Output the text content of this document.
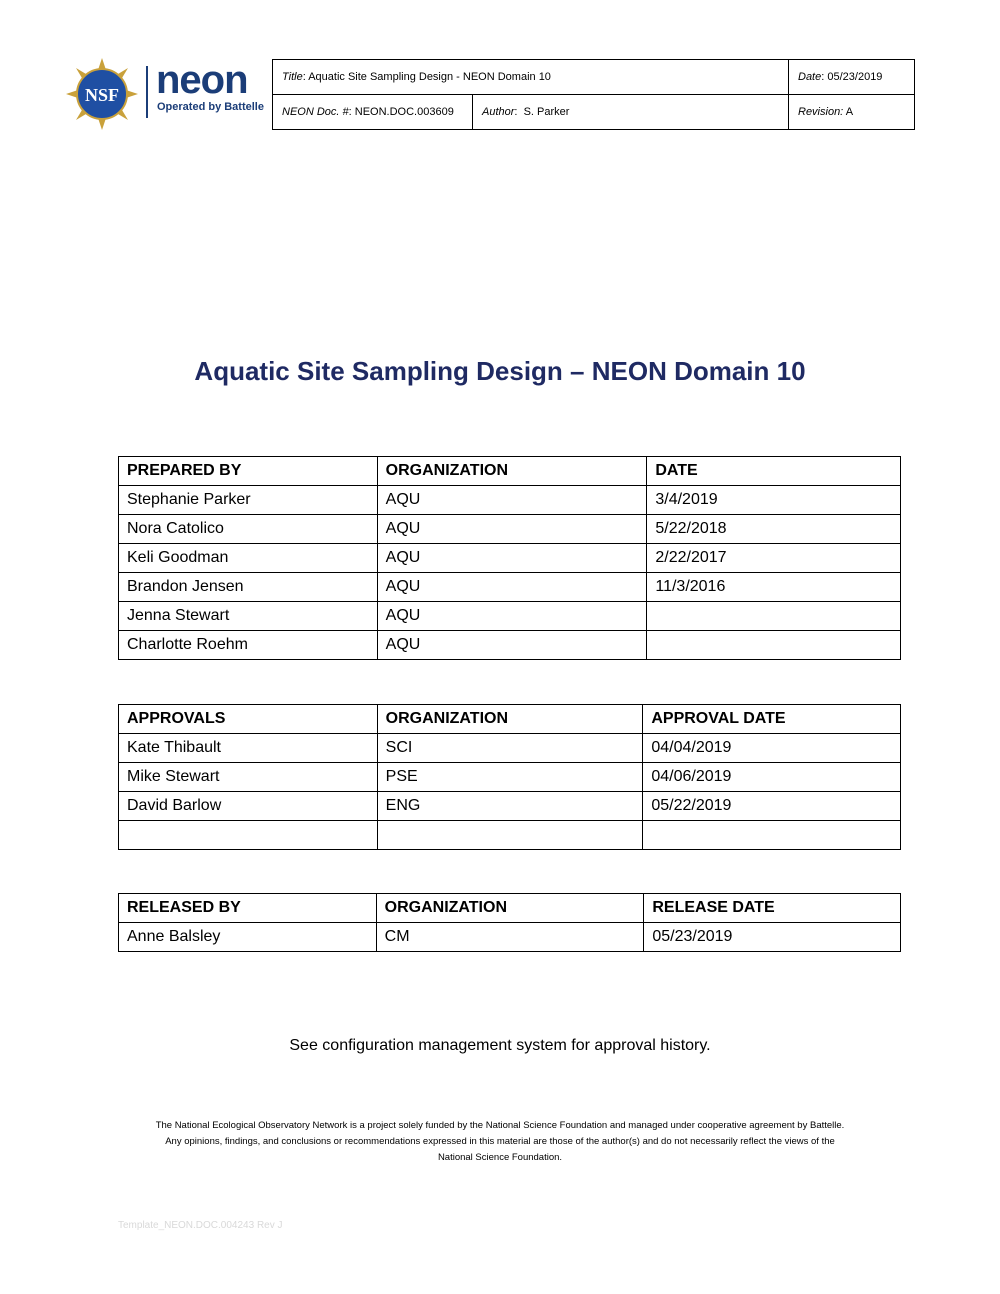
NSF neon
Operated by Battelle
Title: Aquatic Site Sampling Design - NEON Domain 10		Date: 05/23/2019
NEON Doc. #: NEON.DOC.003609	Author:  S. Parker	Revision: A
Aquatic Site Sampling Design – NEON Domain 10
PREPARED BY	ORGANIZATION	DATE
Stephanie Parker	AQU	3/4/2019
Nora Catolico	AQU	5/22/2018
Keli Goodman	AQU	2/22/2017
Brandon Jensen	AQU	11/3/2016
Jenna Stewart	AQU	
Charlotte Roehm	AQU	
APPROVALS	ORGANIZATION	APPROVAL DATE
Kate Thibault	SCI	04/04/2019
Mike Stewart	PSE	04/06/2019
David Barlow	ENG	05/22/2019

RELEASED BY	ORGANIZATION	RELEASE DATE
Anne Balsley	CM	05/23/2019
See configuration management system for approval history.
The National Ecological Observatory Network is a project solely funded by the National Science Foundation and managed under cooperative agreement by Battelle.
Any opinions, findings, and conclusions or recommendations expressed in this material are those of the author(s) and do not necessarily reflect the views of the
National Science Foundation.
Template_NEON.DOC.004243 Rev J
